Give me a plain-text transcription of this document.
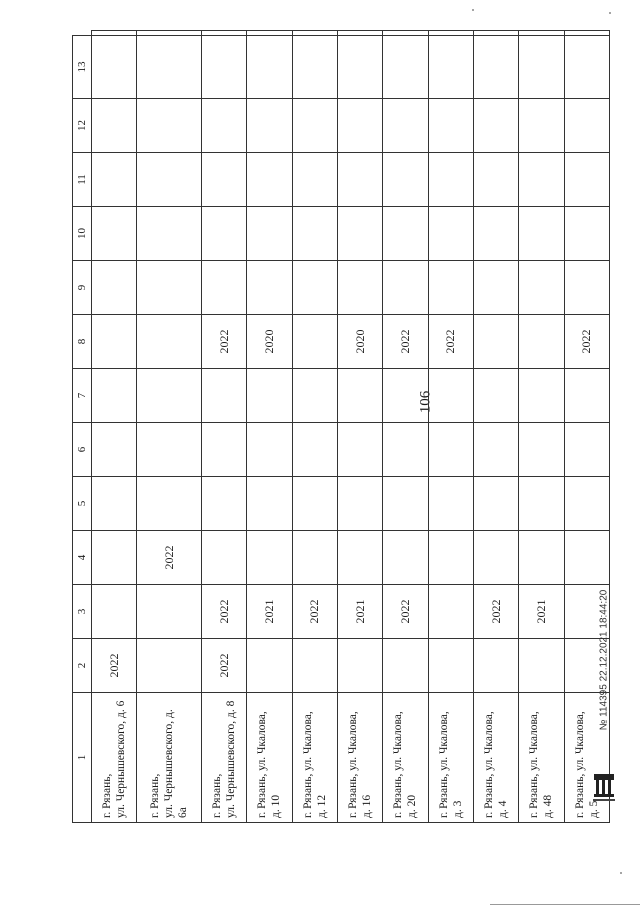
106
1	2	3	4	5	6	7	8	9	10	11	12	13	

г. Рязань, ул. Чернышевского, д. 6	2022												

г. Рязань, ул. Чернышевского, д. 6а			2022										

г. Рязань, ул. Чернышевского, д. 8	2022	2022					2022						

г. Рязань, ул. Чкалова, д. 10		2021					2020						

г. Рязань, ул. Чкалова, д. 12		2022											

г. Рязань, ул. Чкалова, д. 16		2021					2020						

г. Рязань, ул. Чкалова, д. 20		2022					2022						

г. Рязань, ул. Чкалова, д. 3							2022						

г. Рязань, ул. Чкалова, д. 4		2022											

г. Рязань, ул. Чкалова, д. 48		2021											

г. Рязань, ул. Чкалова, д. 5							2022						
№ 114395 22.12.2021 18:44:20
